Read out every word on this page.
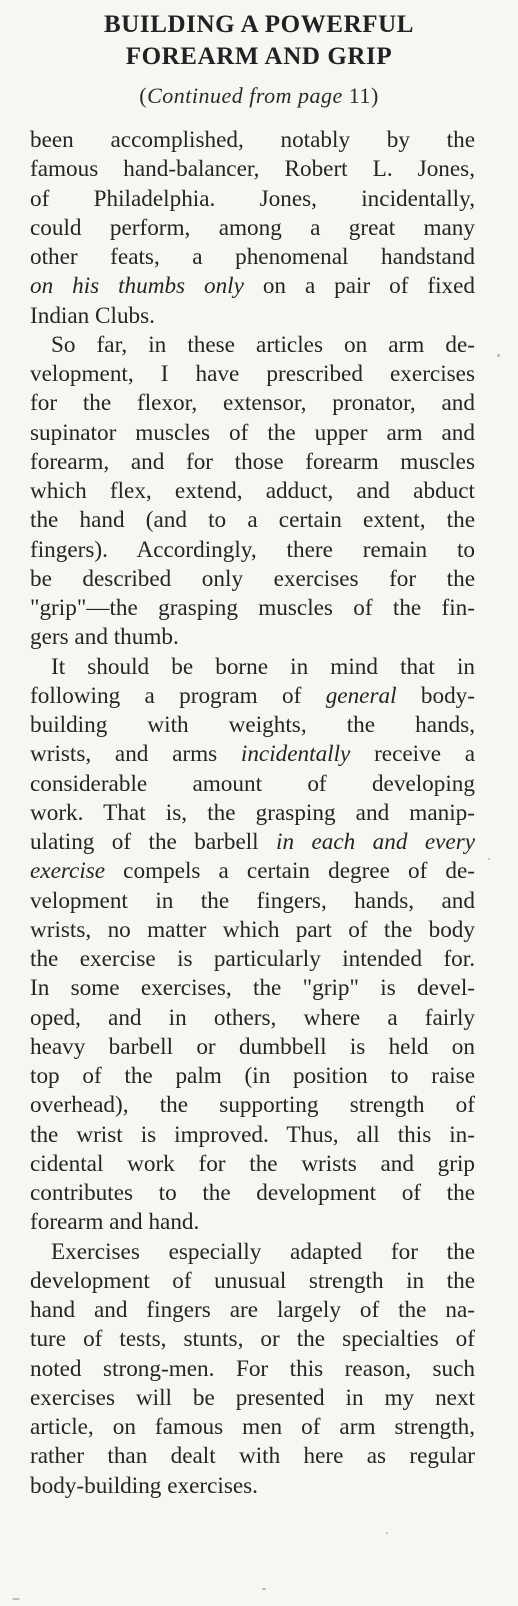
BUILDING A POWERFUL
FOREARM AND GRIP
(Continued from page 11)
been accomplished, notably by the
famous hand-balancer, Robert L. Jones,
of Philadelphia. Jones, incidentally,
could perform, among a great many
other feats, a phenomenal handstand
on his thumbs only on a pair of fixed
Indian Clubs.
So far, in these articles on arm de-
velopment, I have prescribed exercises
for the flexor, extensor, pronator, and
supinator muscles of the upper arm and
forearm, and for those forearm muscles
which flex, extend, adduct, and abduct
the hand (and to a certain extent, the
fingers). Accordingly, there remain to
be described only exercises for the
"grip"—the grasping muscles of the fin-
gers and thumb.
It should be borne in mind that in
following a program of general body-
building with weights, the hands,
wrists, and arms incidentally receive a
considerable amount of developing
work. That is, the grasping and manip-
ulating of the barbell in each and every
exercise compels a certain degree of de-
velopment in the fingers, hands, and
wrists, no matter which part of the body
the exercise is particularly intended for.
In some exercises, the "grip" is devel-
oped, and in others, where a fairly
heavy barbell or dumbbell is held on
top of the palm (in position to raise
overhead), the supporting strength of
the wrist is improved. Thus, all this in-
cidental work for the wrists and grip
contributes to the development of the
forearm and hand.
Exercises especially adapted for the
development of unusual strength in the
hand and fingers are largely of the na-
ture of tests, stunts, or the specialties of
noted strong-men. For this reason, such
exercises will be presented in my next
article, on famous men of arm strength,
rather than dealt with here as regular
body-building exercises.
